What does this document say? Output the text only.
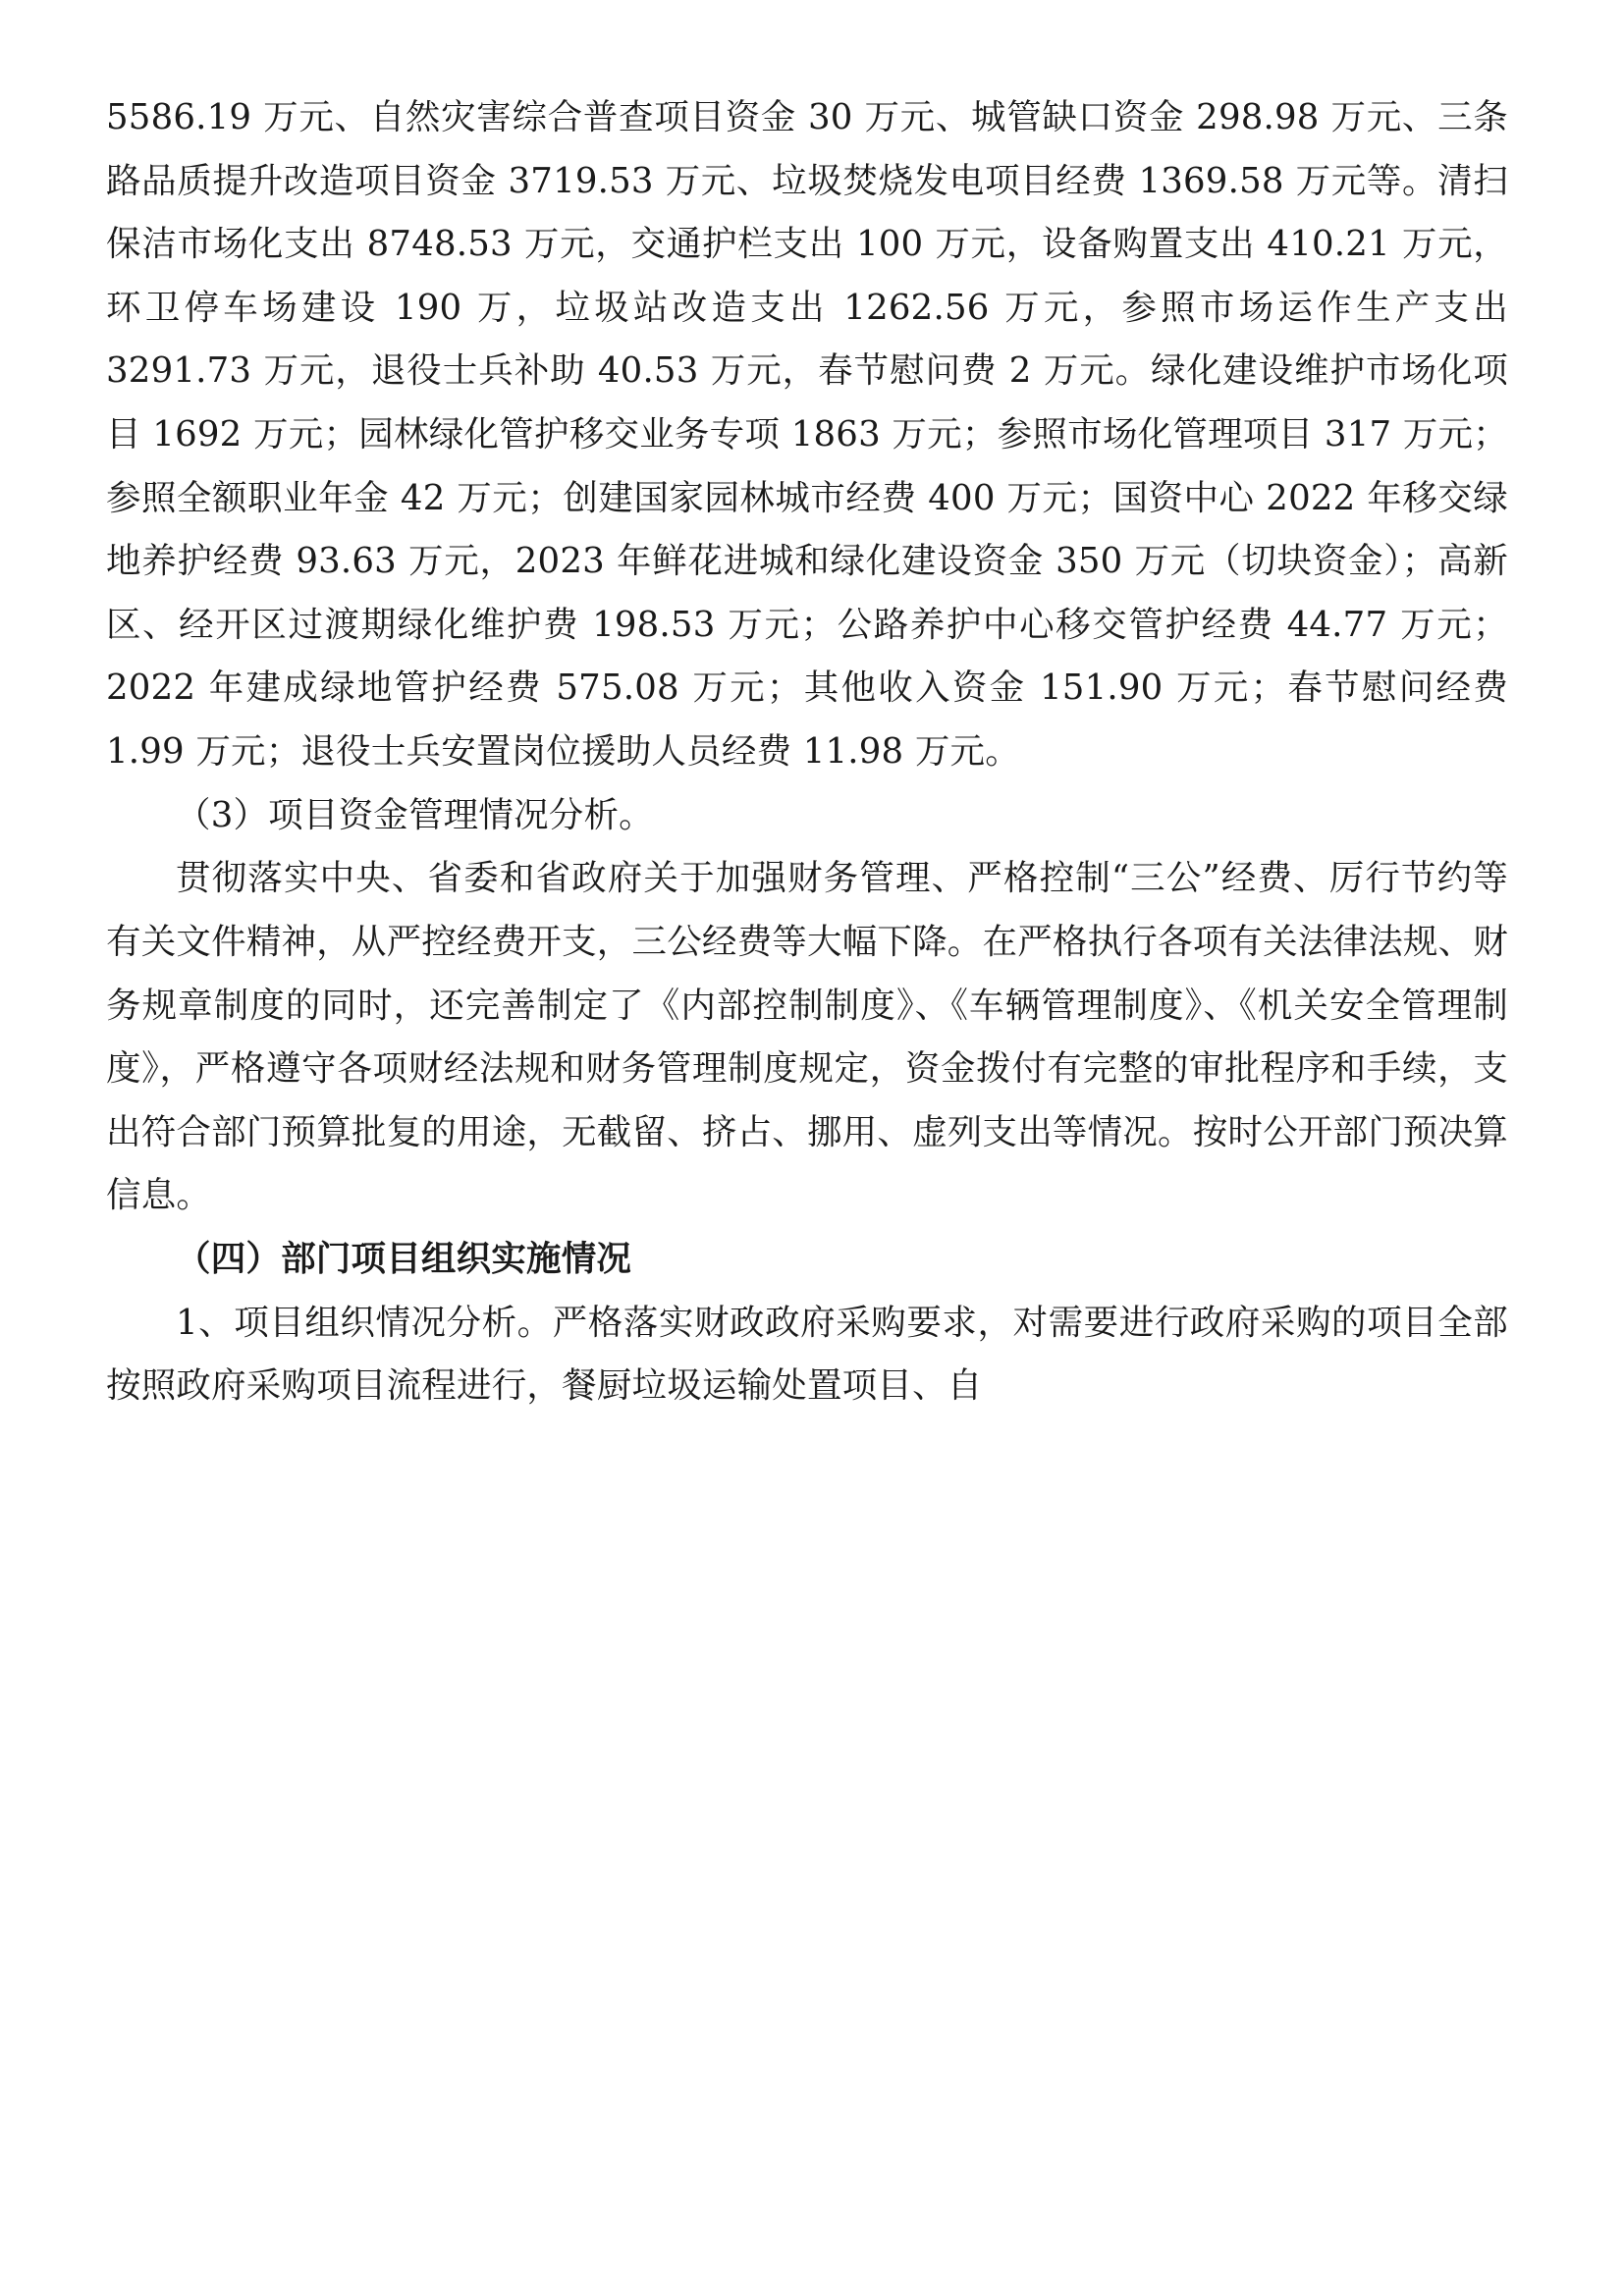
5586.19 万元、自然灾害综合普查项目资金 30 万元、城管缺口资金 298.98 万元、三条路品质提升改造项目资金 3719.53 万元、垃圾焚烧发电项目经费 1369.58 万元等。清扫保洁市场化支出 8748.53 万元，交通护栏支出 100 万元，设备购置支出 410.21 万元，环卫停车场建设 190 万，垃圾站改造支出 1262.56 万元，参照市场运作生产支出 3291.73 万元，退役士兵补助 40.53 万元，春节慰问费 2 万元。绿化建设维护市场化项目 1692 万元；园林绿化管护移交业务专项 1863 万元；参照市场化管理项目 317 万元；参照全额职业年金 42 万元；创建国家园林城市经费 400 万元；国资中心 2022 年移交绿地养护经费 93.63 万元，2023 年鲜花进城和绿化建设资金 350 万元（切块资金）；高新区、经开区过渡期绿化维护费 198.53 万元；公路养护中心移交管护经费 44.77 万元；2022 年建成绿地管护经费 575.08 万元；其他收入资金 151.90 万元；春节慰问经费 1.99 万元；退役士兵安置岗位援助人员经费 11.98 万元。

（3）项目资金管理情况分析。

贯彻落实中央、省委和省政府关于加强财务管理、严格控制“三公”经费、厉行节约等有关文件精神，从严控经费开支，三公经费等大幅下降。在严格执行各项有关法律法规、财务规章制度的同时，还完善制定了《内部控制制度》、《车辆管理制度》、《机关安全管理制度》，严格遵守各项财经法规和财务管理制度规定，资金拨付有完整的审批程序和手续，支出符合部门预算批复的用途，无截留、挤占、挪用、虚列支出等情况。按时公开部门预决算信息。

（四）部门项目组织实施情况

1、项目组织情况分析。严格落实财政政府采购要求，对需要进行政府采购的项目全部按照政府采购项目流程进行，餐厨垃圾运输处置项目、自
